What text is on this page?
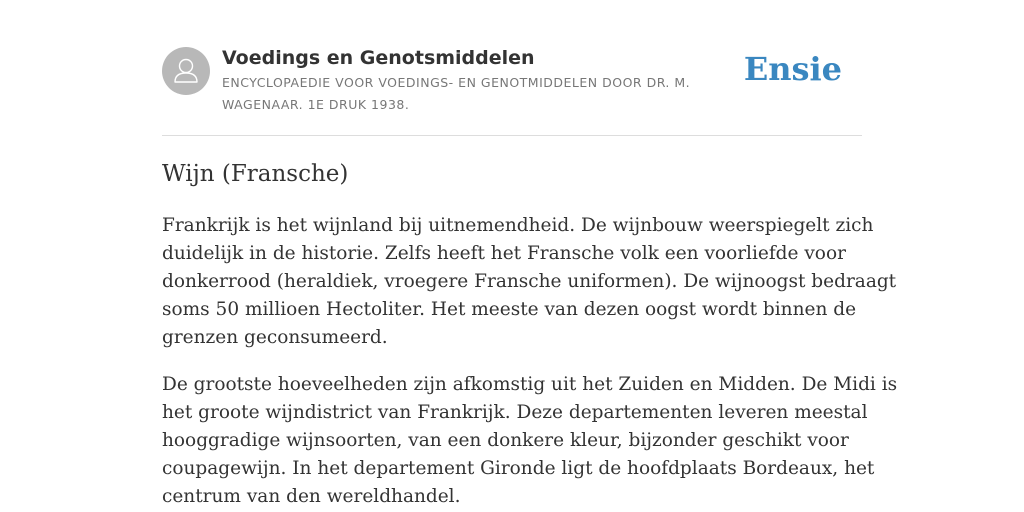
Voedings en Genotsmiddelen

ENCYCLOPAEDIE VOOR VOEDINGS- EN GENOTMIDDELEN DOOR DR. M.
WAGENAAR. 1E DRUK 1938.

Ensie
Wijn (Fransche)

Frankrijk is het wijnland bij uitnemendheid. De wijnbouw weerspiegelt zich
duidelijk in de historie. Zelfs heeft het Fransche volk een voorliefde voor
donkerrood (heraldiek, vroegere Fransche uniformen). De wijnoogst bedraagt
soms 50 millioen Hectoliter. Het meeste van dezen oogst wordt binnen de
grenzen geconsumeerd.

De grootste hoeveelheden zijn afkomstig uit het Zuiden en Midden. De Midi is
het groote wijndistrict van Frankrijk. Deze departementen leveren meestal
hooggradige wijnsoorten, van een donkere kleur, bijzonder geschikt voor
coupagewijn. In het departement Gironde ligt de hoofdplaats Bordeaux, het
centrum van den wereldhandel.
